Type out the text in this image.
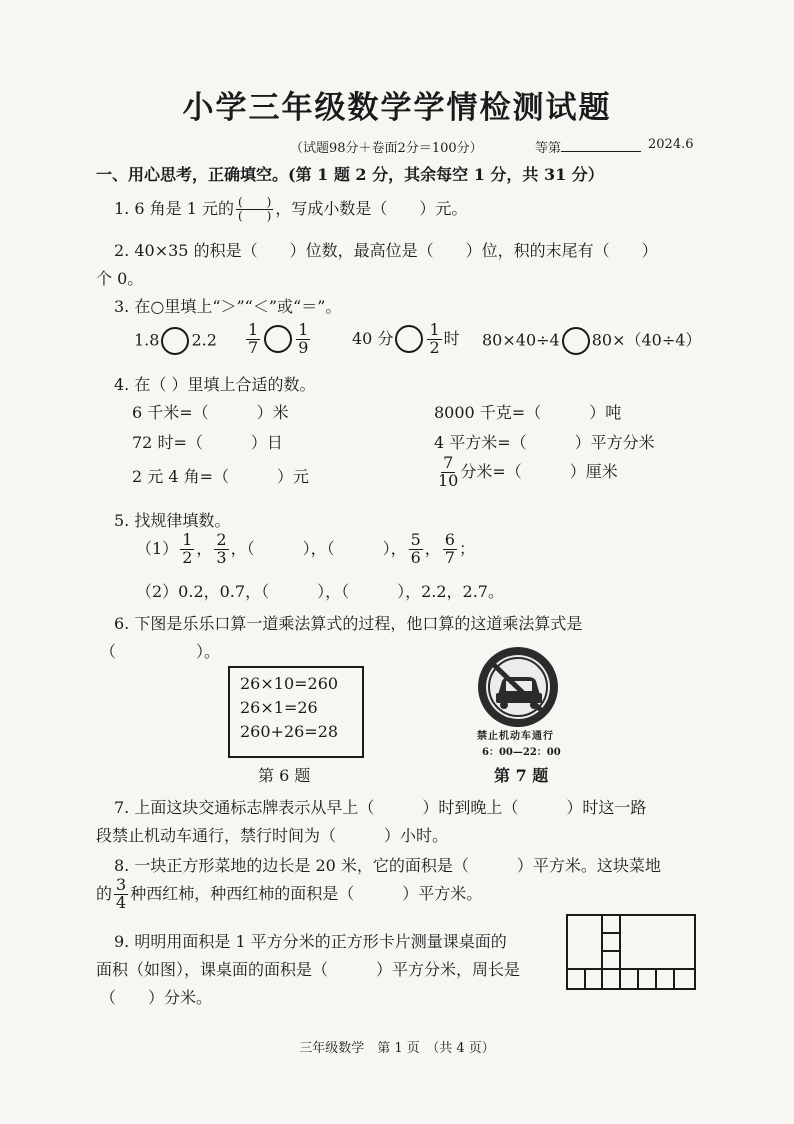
小学三年级数学学情检测试题
（试题98分＋卷面2分＝100分）	等第	2024.6
一、用心思考，正确填空。(第 1 题 2 分，其余每空 1 分，共 31 分）
1. 6 角是 1 元的 $\frac{( )}{( )}$ ，写成小数是（　　）元。
2. 40×35 的积是（　　）位数，最高位是（　　）位，积的末尾有（　　）
个 0。
3. 在○里填上“＞”“＜”或“＝”。
1.8 $2.2 \frac{1}{7} \frac{1}{9}$	40 分 $\frac{1}{2}$ 时 80×40÷4 80×（40÷4）
4. 在（ ）里填上合适的数。
6 千米=（　　　）米	8000 千克=（　　　）吨
72 时=（　　　）日	4 平方米=（　　　）平方分米
2 元 4 角=（　　　）元	$\frac{7}{10}$ 分米=（　　　）厘米
5. 找规律填数。
$(1) \frac{1}{2}$ ， $\frac{2}{3}$ ，（　　　），（　　　）， $\frac{5}{6}$ ， $\frac{6}{7}$ ；
（2）0.2，0.7，（　　　），（　　　），2.2，2.7。
6. 下图是乐乐口算一道乘法算式的过程，他口算的这道乘法算式是
（　　　　　）。
26×10=260
26×1=26
260+26=28
第 6 题
禁止机动车通行
6：00—22：00
第 7 题
7. 上面这块交通标志牌表示从早上（　　　）时到晚上（　　　）时这一路
段禁止机动车通行，禁行时间为（　　　）小时。
8. 一块正方形菜地的边长是 20 米，它的面积是（　　　）平方米。这块菜地
的 $\frac{3}{4}$ 种西红柿，种西红柿的面积是（　　　）平方米。
9. 明明用面积是 1 平方分米的正方形卡片测量课桌面的
面积（如图），课桌面的面积是（　　　）平方分米，周长是
（　　）分米。
三年级数学　第 1 页　（共 4 页）
